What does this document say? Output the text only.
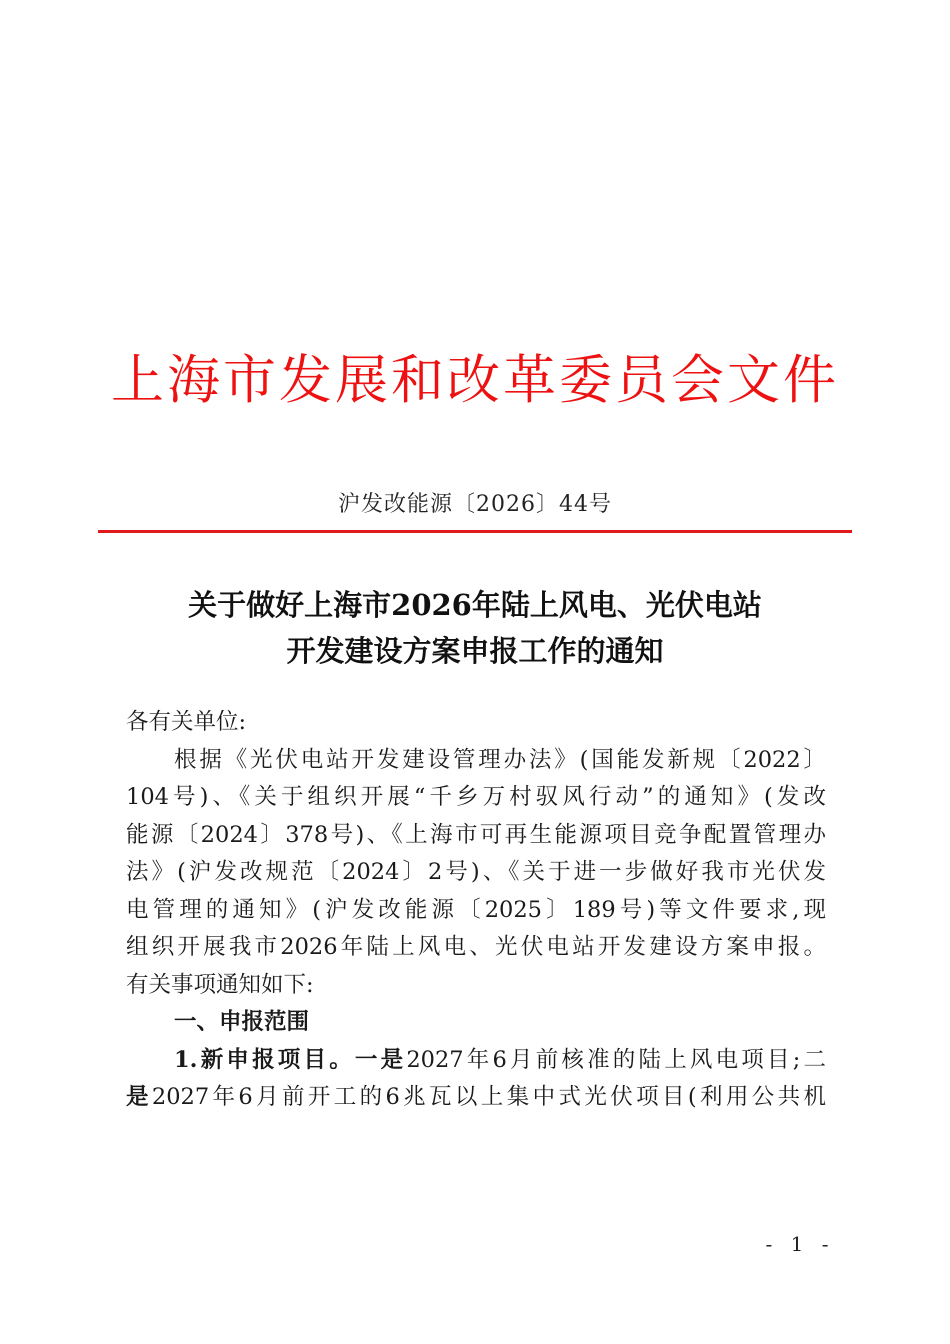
上海市发展和改革委员会文件
沪发改能源〔2026〕44号
关于做好上海市2026年陆上风电、光伏电站
开发建设方案申报工作的通知
各有关单位:
根据《光伏电站开发建设管理办法》(国能发新规〔2022〕
104号)、《关于组织开展“千乡万村驭风行动”的通知》(发改
能源〔2024〕378号)、《上海市可再生能源项目竞争配置管理办
法》(沪发改规范〔2024〕2号)、《关于进一步做好我市光伏发
电管理的通知》(沪发改能源〔2025〕189号)等文件要求,现
组织开展我市2026年陆上风电、光伏电站开发建设方案申报。
有关事项通知如下:
一、申报范围
1.新申报项目。一是2027年6月前核准的陆上风电项目;二
是2027年6月前开工的6兆瓦以上集中式光伏项目(利用公共机
- 1 -
